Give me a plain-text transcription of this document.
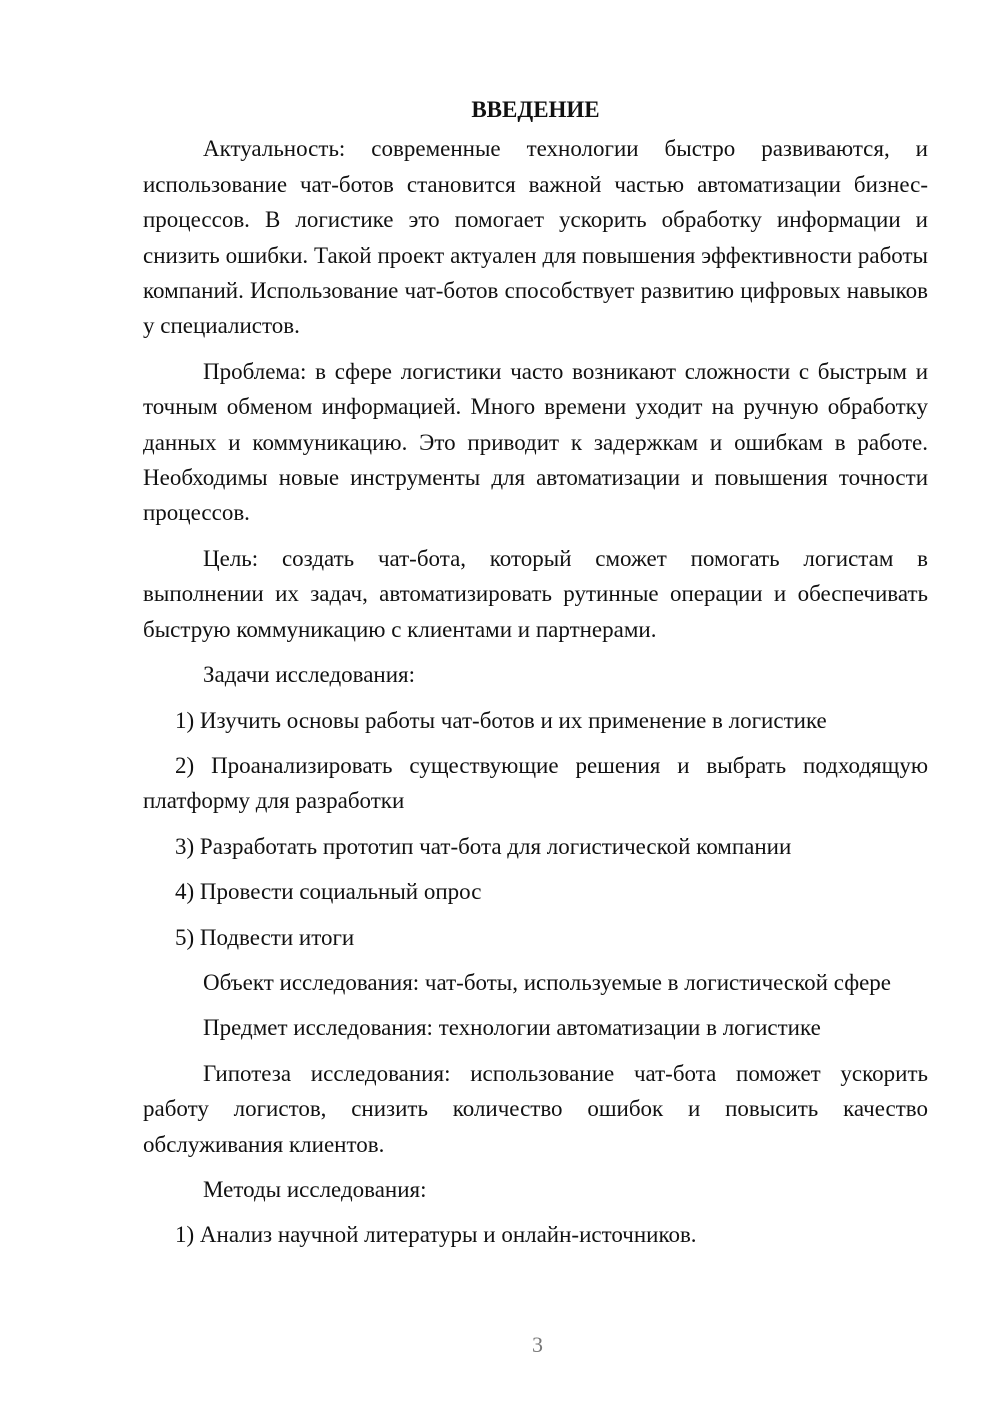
ВВЕДЕНИЕ

Актуальность: современные технологии быстро развиваются, и использование чат-ботов становится важной частью автоматизации бизнес-процессов. В логистике это помогает ускорить обработку информации и снизить ошибки. Такой проект актуален для повышения эффективности работы компаний. Использование чат-ботов способствует развитию цифровых навыков у специалистов.

Проблема: в сфере логистики часто возникают сложности с быстрым и точным обменом информацией. Много времени уходит на ручную обработку данных и коммуникацию. Это приводит к задержкам и ошибкам в работе. Необходимы новые инструменты для автоматизации и повышения точности процессов.

Цель: создать чат-бота, который сможет помогать логистам в выполнении их задач, автоматизировать рутинные операции и обеспечивать быструю коммуникацию с клиентами и партнерами.

Задачи исследования:

1) Изучить основы работы чат-ботов и их применение в логистике

2) Проанализировать существующие решения и выбрать подходящую платформу для разработки

3) Разработать прототип чат-бота для логистической компании

4) Провести социальный опрос

5) Подвести итоги

Объект исследования: чат-боты, используемые в логистической сфере

Предмет исследования: технологии автоматизации в логистике

Гипотеза исследования: использование чат-бота поможет ускорить работу логистов, снизить количество ошибок и повысить качество обслуживания клиентов.

Методы исследования:

1) Анализ научной литературы и онлайн-источников.

3
